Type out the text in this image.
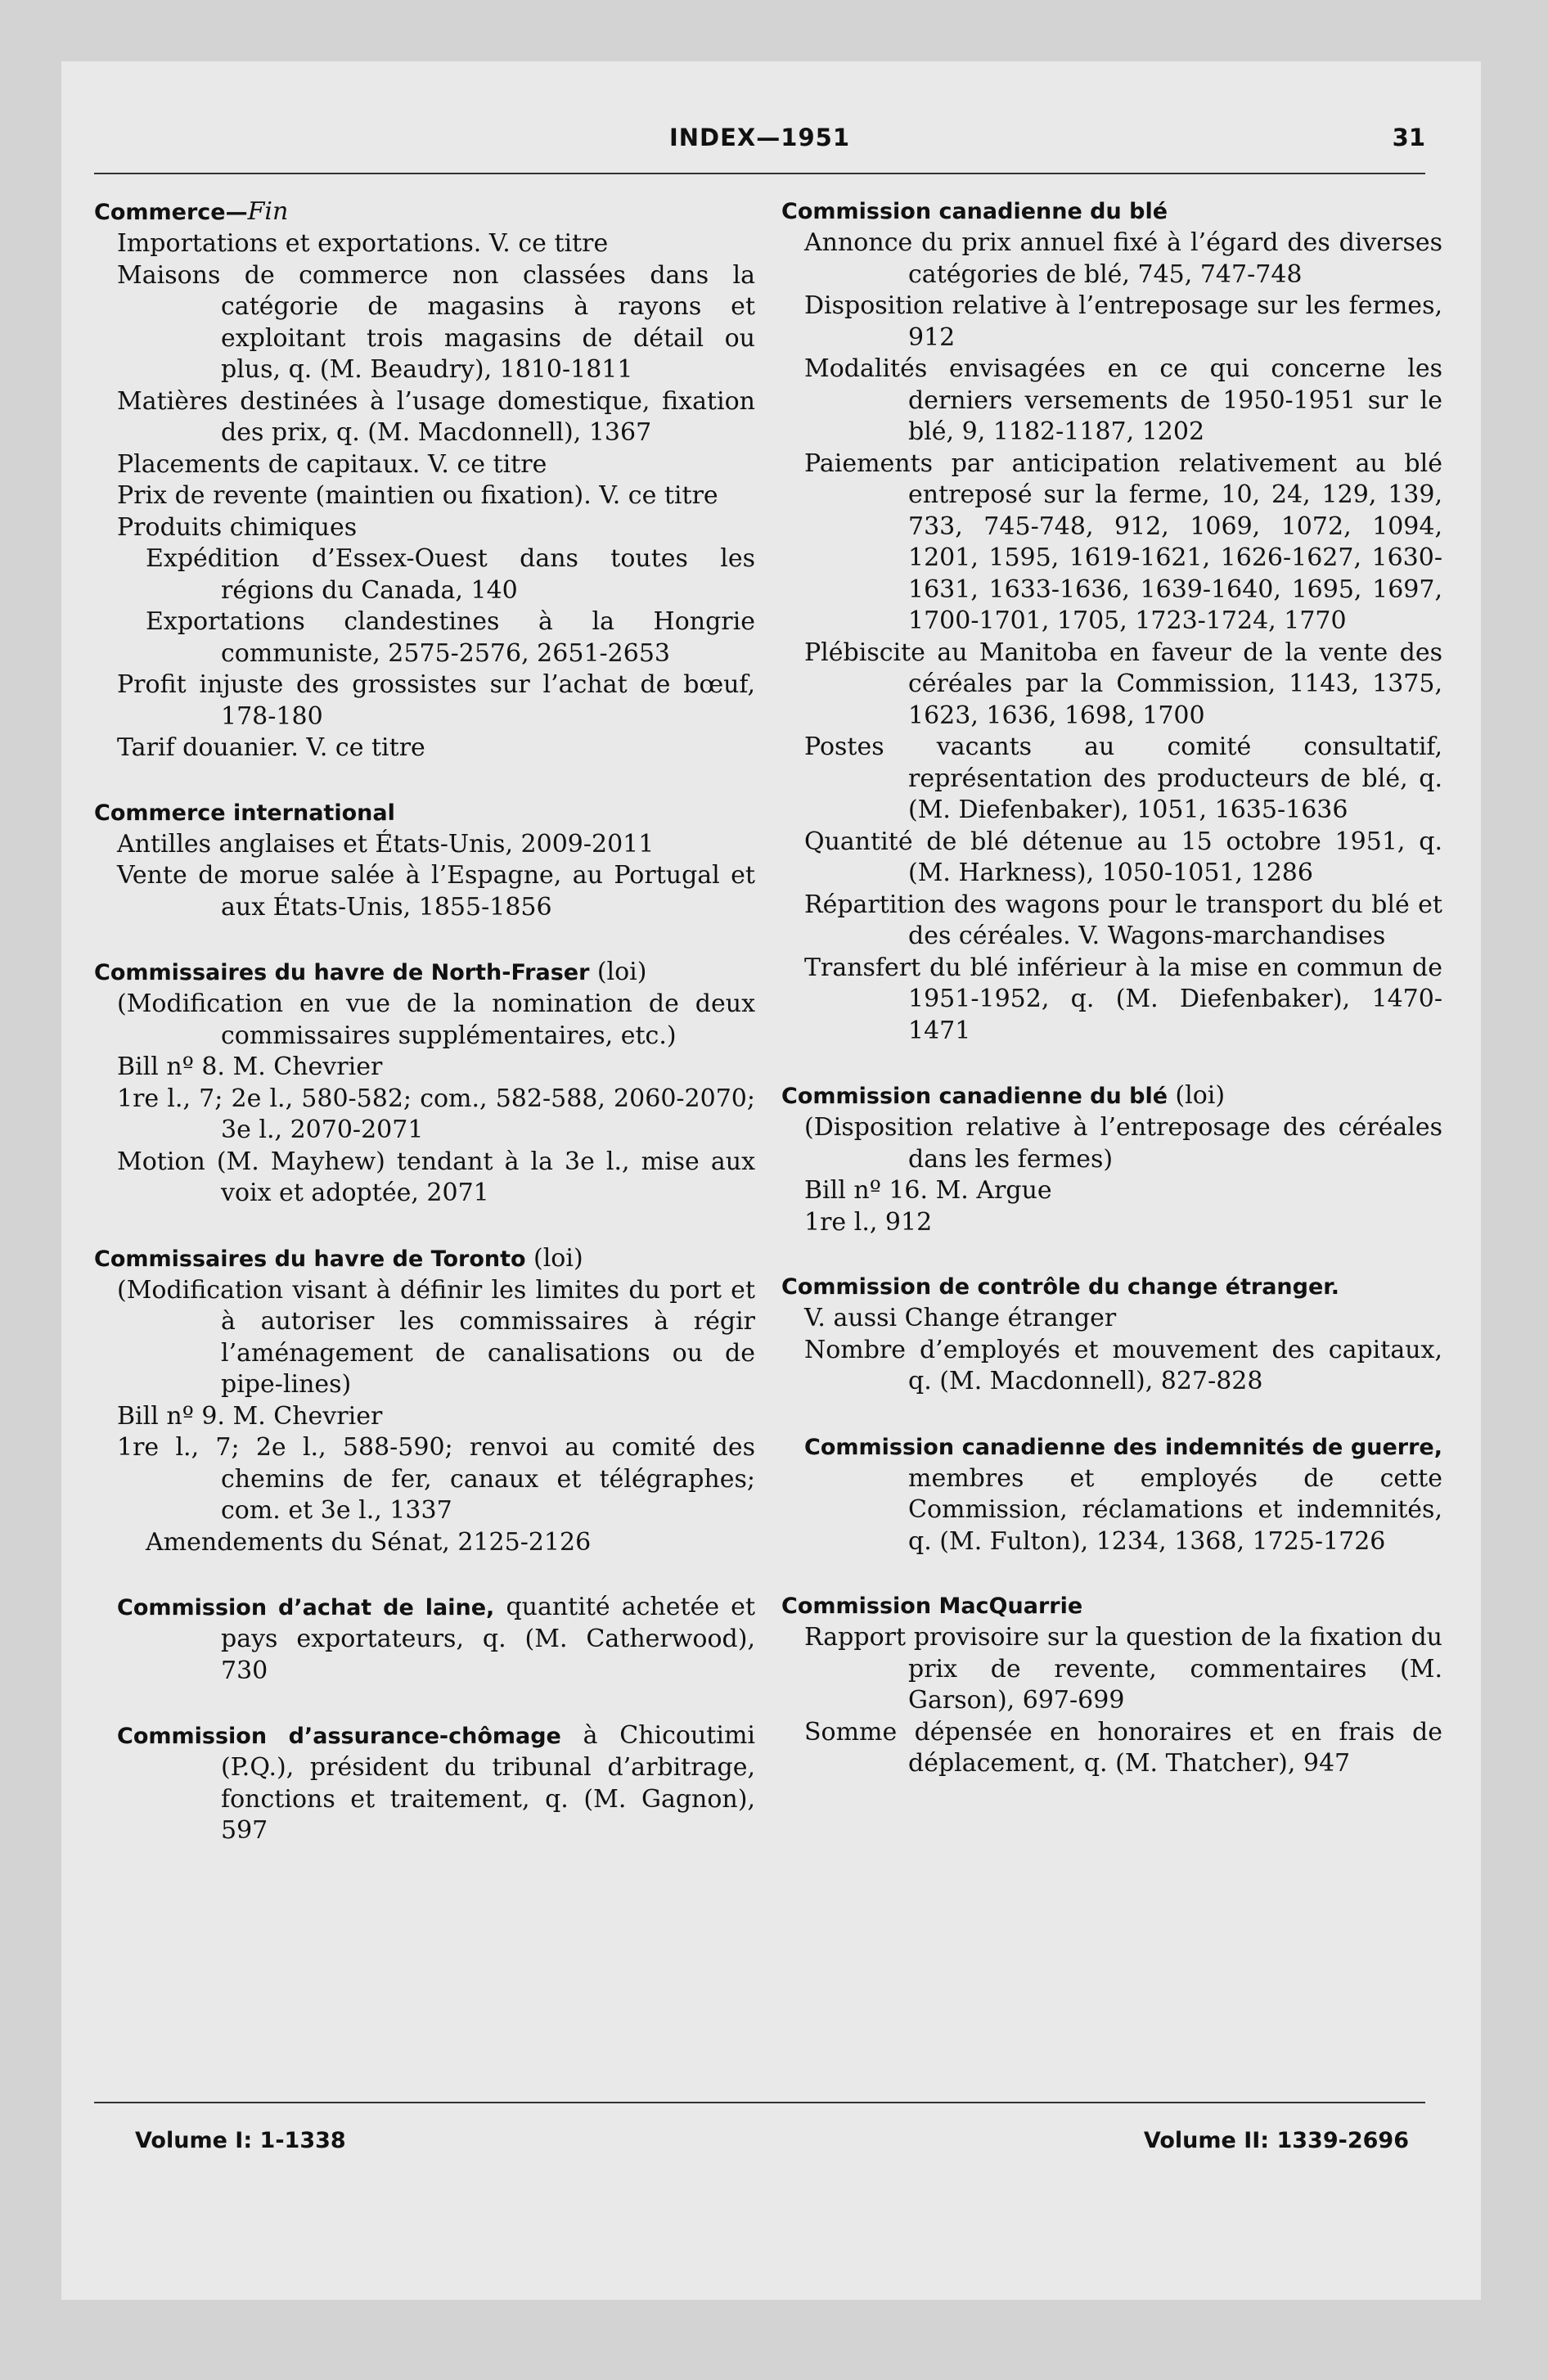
INDEX—1951	31
Commerce—Fin
Importations et exportations. V. ce titre
Maisons de commerce non classées dans la catégorie de magasins à rayons et exploitant trois magasins de détail ou plus, q. (M. Beaudry), 1810-1811
Matières destinées à l’usage domestique, fixation des prix, q. (M. Macdonnell), 1367
Placements de capitaux. V. ce titre
Prix de revente (maintien ou fixation). V. ce titre
Produits chimiques
Expédition d’Essex-Ouest dans toutes les régions du Canada, 140
Exportations clandestines à la Hongrie communiste, 2575-2576, 2651-2653
Profit injuste des grossistes sur l’achat de bœuf, 178-180
Tarif douanier. V. ce titre
Commerce international
Antilles anglaises et États-Unis, 2009-2011
Vente de morue salée à l’Espagne, au Portugal et aux États-Unis, 1855-1856
Commissaires du havre de North-Fraser (loi)
(Modification en vue de la nomination de deux commissaires supplémentaires, etc.)
Bill nº 8. M. Chevrier
1re l., 7; 2e l., 580-582; com., 582-588, 2060-2070; 3e l., 2070-2071
Motion (M. Mayhew) tendant à la 3e l., mise aux voix et adoptée, 2071
Commissaires du havre de Toronto (loi)
(Modification visant à définir les limites du port et à autoriser les commissaires à régir l’aménagement de canalisations ou de pipe-lines)
Bill nº 9. M. Chevrier
1re l., 7; 2e l., 588-590; renvoi au comité des chemins de fer, canaux et télégraphes; com. et 3e l., 1337
Amendements du Sénat, 2125-2126
Commission d’achat de laine, quantité achetée et pays exportateurs, q. (M. Catherwood), 730
Commission d’assurance-chômage à Chicoutimi (P.Q.), président du tribunal d’arbitrage, fonctions et traitement, q. (M. Gagnon), 597
Commission canadienne du blé
Annonce du prix annuel fixé à l’égard des diverses catégories de blé, 745, 747-748
Disposition relative à l’entreposage sur les fermes, 912
Modalités envisagées en ce qui concerne les derniers versements de 1950-1951 sur le blé, 9, 1182-1187, 1202
Paiements par anticipation relativement au blé entreposé sur la ferme, 10, 24, 129, 139, 733, 745-748, 912, 1069, 1072, 1094, 1201, 1595, 1619-1621, 1626-1627, 1630-1631, 1633-1636, 1639-1640, 1695, 1697, 1700-1701, 1705, 1723-1724, 1770
Plébiscite au Manitoba en faveur de la vente des céréales par la Commission, 1143, 1375, 1623, 1636, 1698, 1700
Postes vacants au comité consultatif, représentation des producteurs de blé, q. (M. Diefenbaker), 1051, 1635-1636
Quantité de blé détenue au 15 octobre 1951, q. (M. Harkness), 1050-1051, 1286
Répartition des wagons pour le transport du blé et des céréales. V. Wagons-marchandises
Transfert du blé inférieur à la mise en commun de 1951-1952, q. (M. Diefenbaker), 1470-1471
Commission canadienne du blé (loi)
(Disposition relative à l’entreposage des céréales dans les fermes)
Bill nº 16. M. Argue
1re l., 912
Commission de contrôle du change étranger.
V. aussi Change étranger
Nombre d’employés et mouvement des capitaux, q. (M. Macdonnell), 827-828
Commission canadienne des indemnités de guerre, membres et employés de cette Commission, réclamations et indemnités, q. (M. Fulton), 1234, 1368, 1725-1726
Commission MacQuarrie
Rapport provisoire sur la question de la fixation du prix de revente, commentaires (M. Garson), 697-699
Somme dépensée en honoraires et en frais de déplacement, q. (M. Thatcher), 947
Volume I: 1-1338	Volume II: 1339-2696
